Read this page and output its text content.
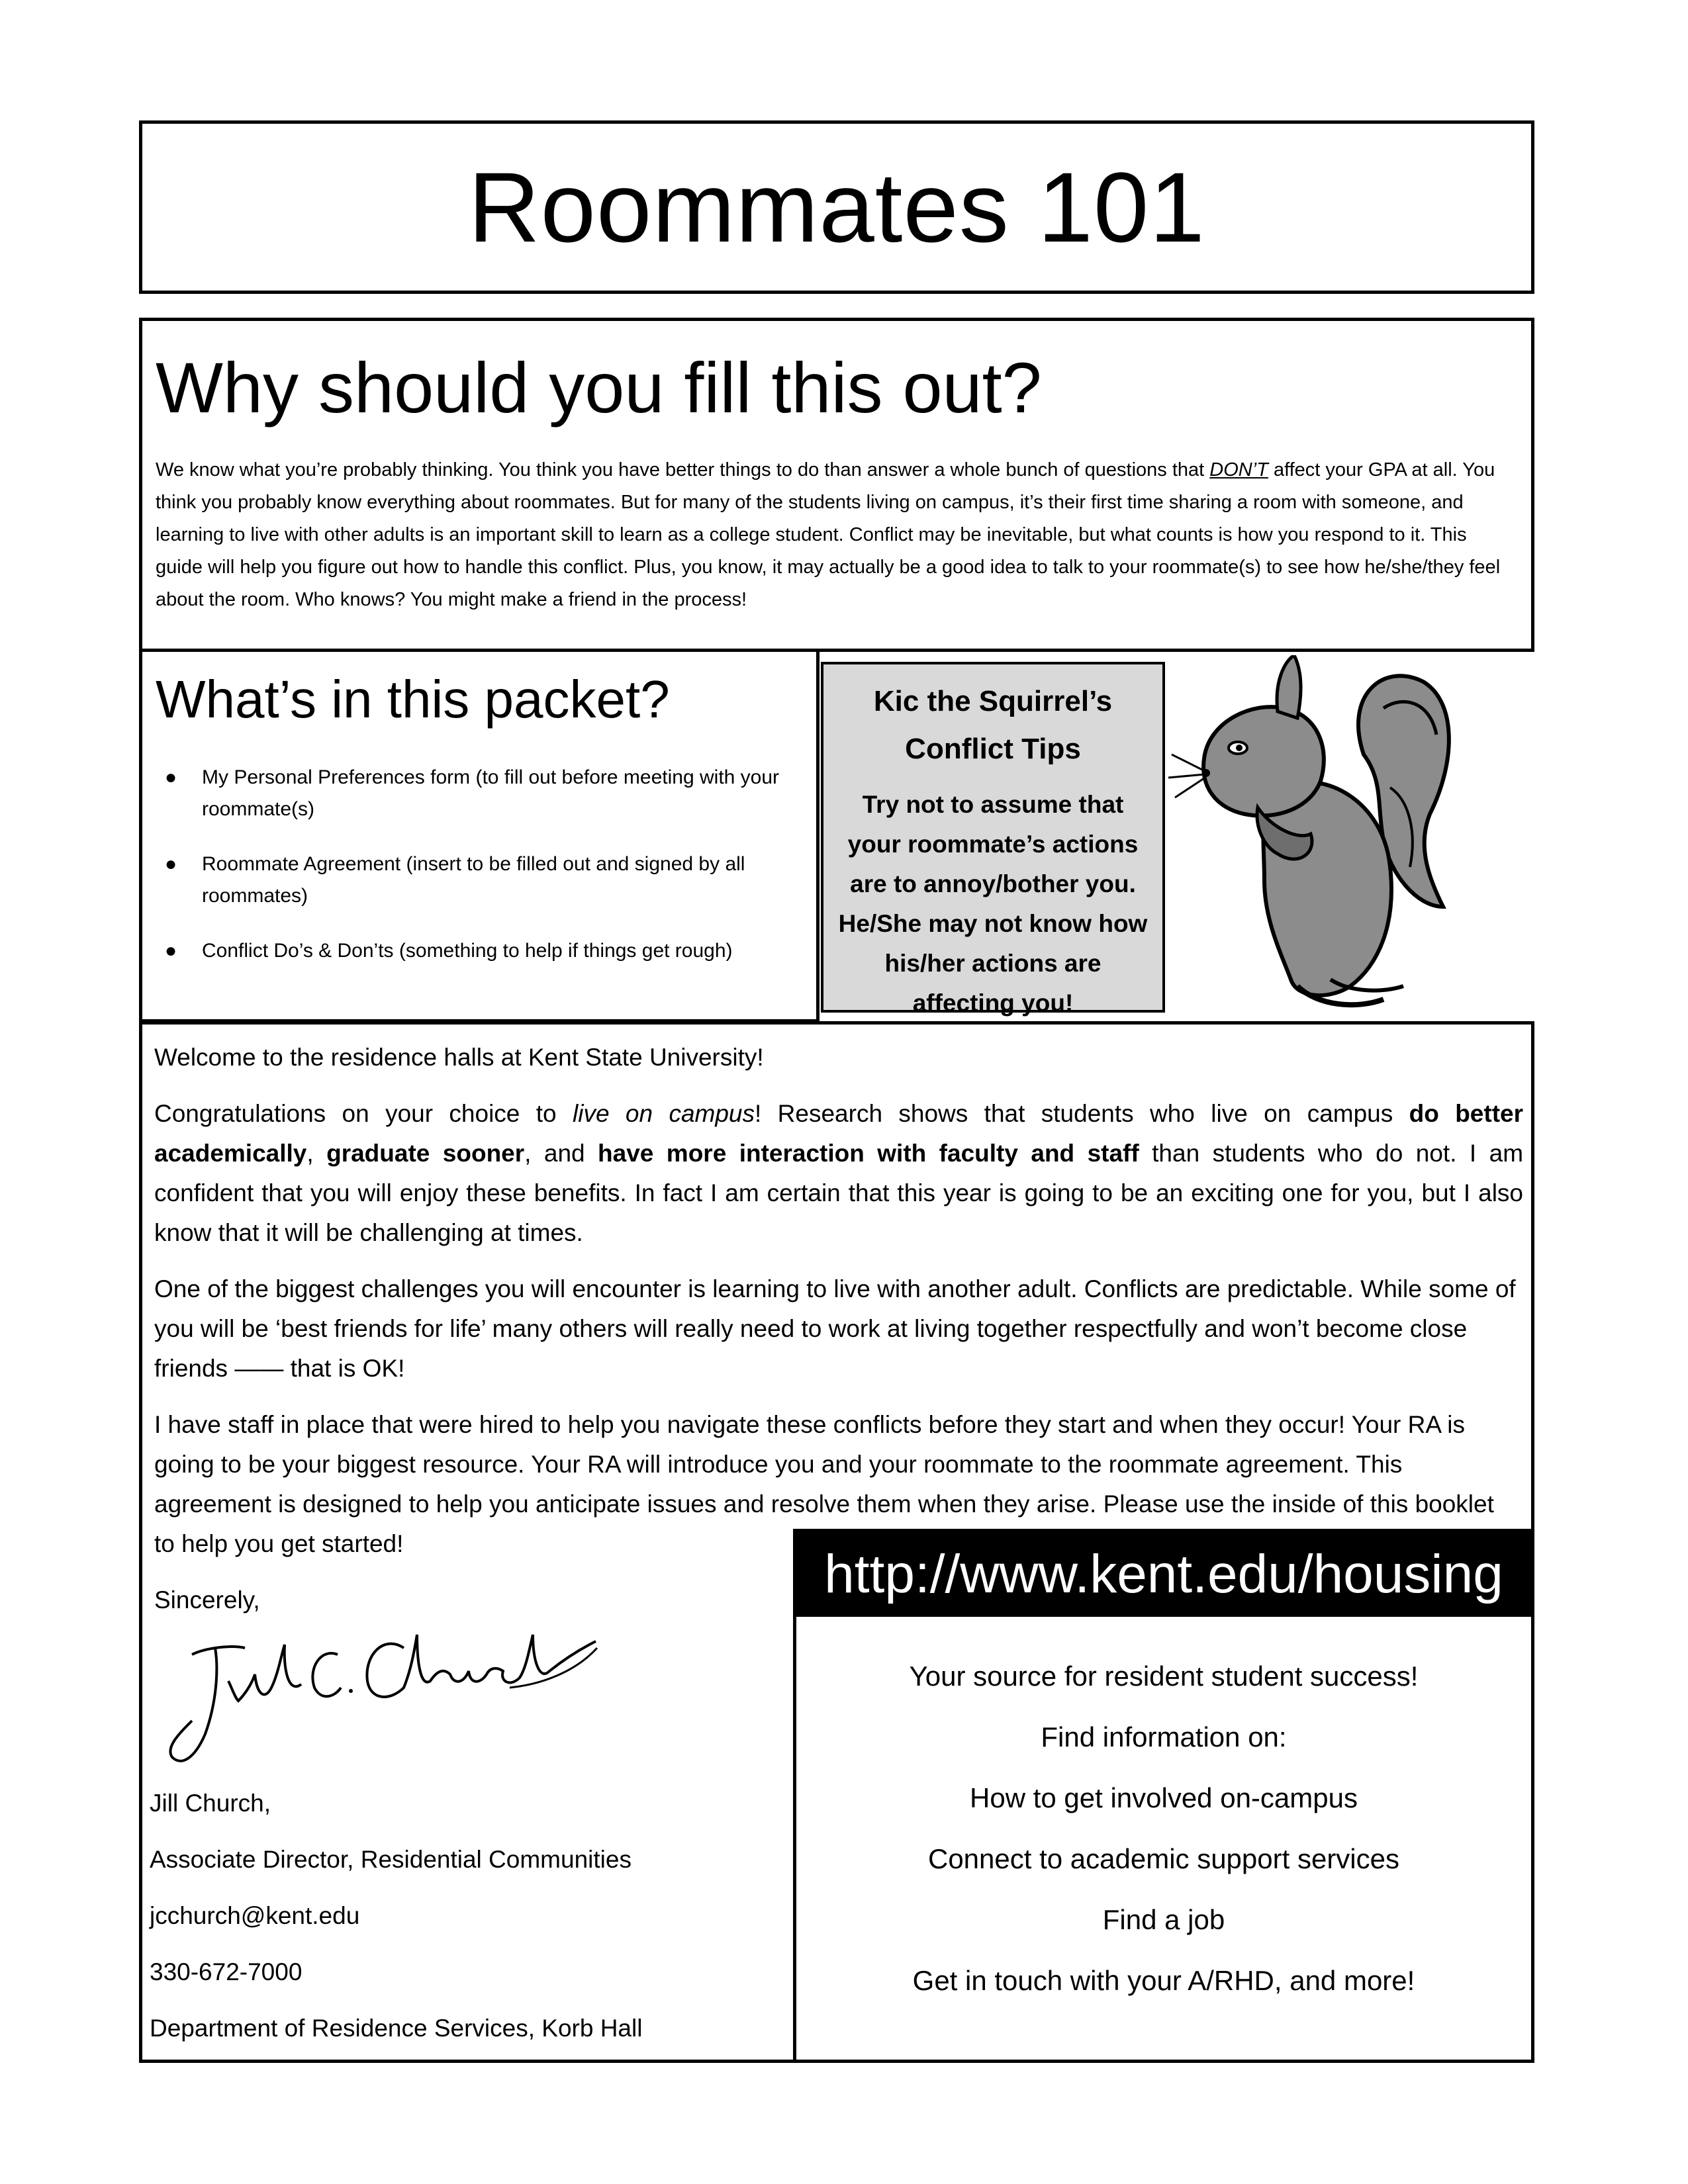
Roommates 101
Why should you fill this out?

We know what you’re probably thinking. You think you have better things to do than answer a whole bunch of questions that DON’T affect your GPA at all. You think you probably know everything about roommates. But for many of the students living on campus, it’s their first time sharing a room with someone, and learning to live with other adults is an important skill to learn as a college student. Conflict may be inevitable, but what counts is how you respond to it. This guide will help you figure out how to handle this conflict. Plus, you know, it may actually be a good idea to talk to your roommate(s) to see how he/she/they feel about the room. Who knows? You might make a friend in the process!

What’s in this packet?
● My Personal Preferences form (to fill out before meeting with your roommate(s)
● Roommate Agreement (insert to be filled out and signed by all roommates)
● Conflict Do’s & Don’ts (something to help if things get rough)
Kic the Squirrel’s
Conflict Tips
Try not to assume that your roommate’s actions are to annoy/bother you. He/She may not know how his/her actions are affecting you!

Welcome to the residence halls at Kent State University!

Congratulations on your choice to live on campus! Research shows that students who live on campus do better academically, graduate sooner, and have more interaction with faculty and staff than students who do not. I am confident that you will enjoy these benefits. In fact I am certain that this year is going to be an exciting one for you, but I also know that it will be challenging at times.

One of the biggest challenges you will encounter is learning to live with another adult. Conflicts are predictable. While some of you will be ‘best friends for life’ many others will really need to work at living together respectfully and won’t become close friends —— that is OK!

I have staff in place that were hired to help you navigate these conflicts before they start and when they occur! Your RA is going to be your biggest resource. Your RA will introduce you and your roommate to the roommate agreement. This agreement is designed to help you anticipate issues and resolve them when they arise. Please use the inside of this booklet to help you get started!

Sincerely,

Jill Church,

Associate Director, Residential Communities

jcchurch@kent.edu

330-672-7000

Department of Residence Services, Korb Hall

http://www.kent.edu/housing

Your source for resident student success!

Find information on:

How to get involved on-campus

Connect to academic support services

Find a job

Get in touch with your A/RHD, and more!
